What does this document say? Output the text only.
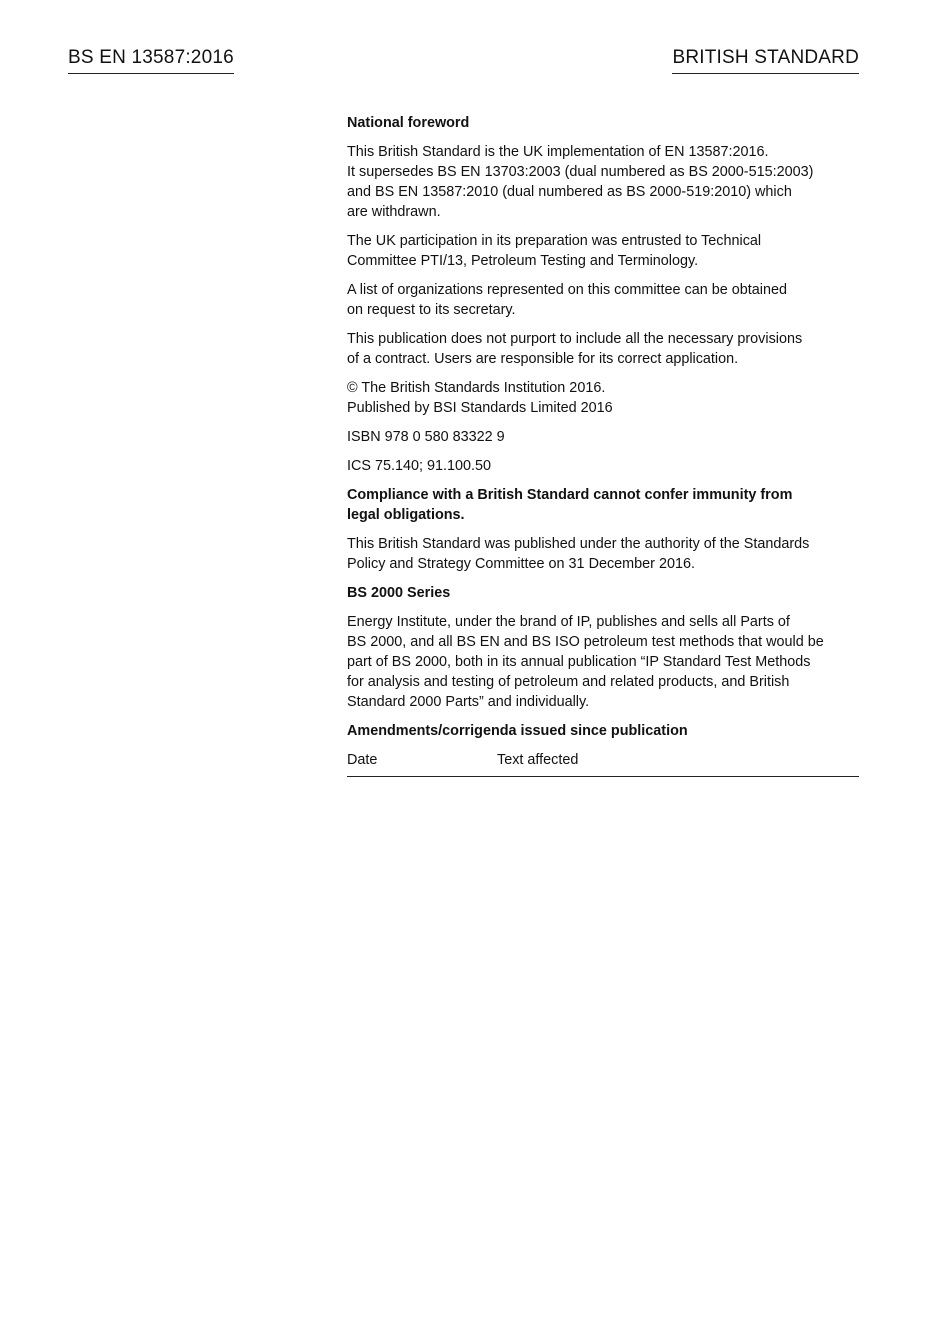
BS EN 13587:2016	BRITISH STANDARD

National foreword

This British Standard is the UK implementation of EN 13587:2016.
It supersedes BS EN 13703:2003 (dual numbered as BS 2000-515:2003)
and BS EN 13587:2010 (dual numbered as BS 2000-519:2010) which
are withdrawn.

The UK participation in its preparation was entrusted to Technical
Committee PTI/13, Petroleum Testing and Terminology.

A list of organizations represented on this committee can be obtained
on request to its secretary.

This publication does not purport to include all the necessary provisions
of a contract. Users are responsible for its correct application.

© The British Standards Institution 2016.
Published by BSI Standards Limited 2016

ISBN 978 0 580 83322 9

ICS 75.140; 91.100.50

Compliance with a British Standard cannot confer immunity from
legal obligations.

This British Standard was published under the authority of the Standards
Policy and Strategy Committee on 31 December 2016.

BS 2000 Series

Energy Institute, under the brand of IP, publishes and sells all Parts of
BS 2000, and all BS EN and BS ISO petroleum test methods that would be
part of BS 2000, both in its annual publication “IP Standard Test Methods
for analysis and testing of petroleum and related products, and British
Standard 2000 Parts” and individually.

Amendments/corrigenda issued since publication

Date	Text affected
